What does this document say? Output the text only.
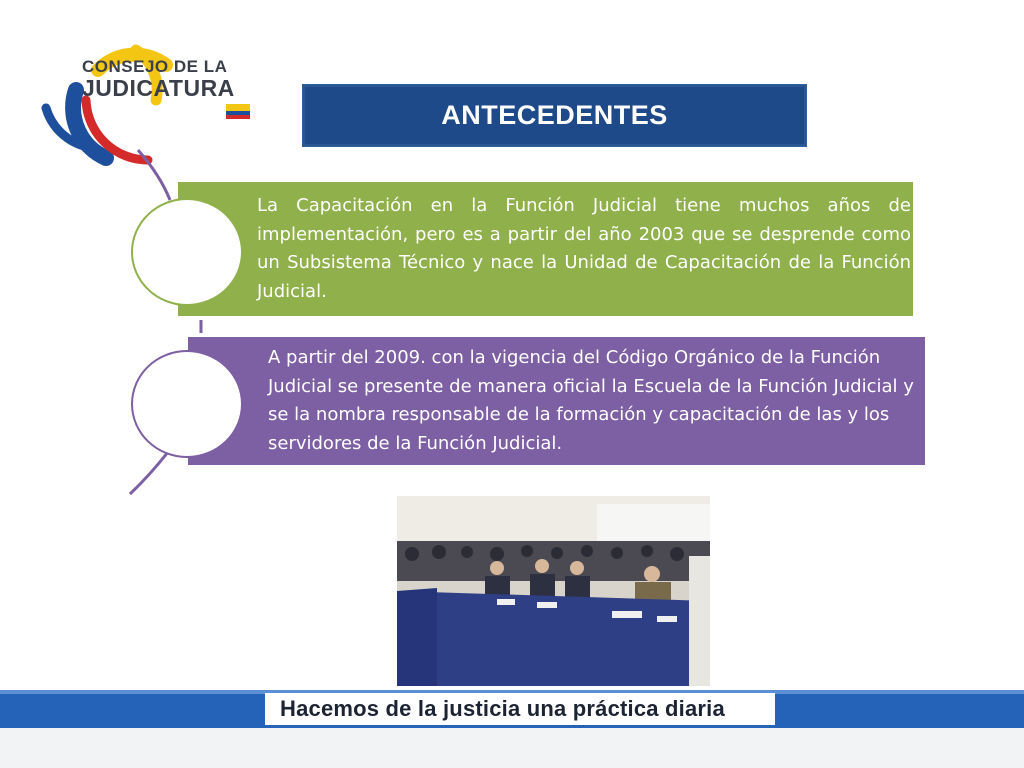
CONSEJO DE LA
JUDICATURA
ANTECEDENTES
La Capacitación en la Función Judicial tiene muchos años de implementación, pero es a partir del año 2003 que se desprende como un Subsistema Técnico y nace la Unidad de Capacitación de la Función Judicial.
A partir del 2009. con la vigencia del Código Orgánico de la Función Judicial se presente de manera oficial la Escuela de la Función Judicial y se la nombra responsable de la formación y capacitación de las y los servidores de la Función Judicial.
Hacemos de la justicia una práctica diaria
